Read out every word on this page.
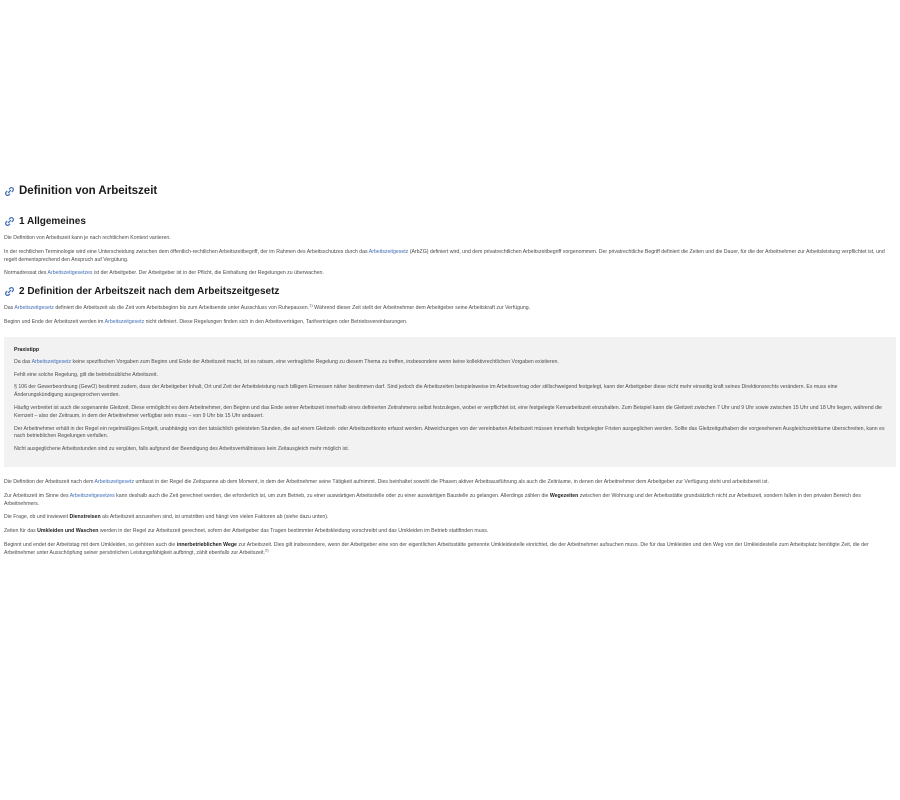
Definition von Arbeitszeit
1 Allgemeines

Die Definition von Arbeitszeit kann je nach rechtlichem Kontext variieren.

In der rechtlichen Terminologie wird eine Unterscheidung zwischen dem öffentlich-rechtlichen Arbeitszeitbegriff, der im Rahmen des Arbeitsschutzes durch das Arbeitszeitgesetz (ArbZG) definiert wird, und dem privatrechtlichen Arbeitszeitbegriff vorgenommen. Der privatrechtliche Begriff definiert die Zeiten und die Dauer, für die der Arbeitnehmer zur Arbeitsleistung verpflichtet ist, und regelt dementsprechend den Anspruch auf Vergütung.

Normadressat des Arbeitszeitgesetzes ist der Arbeitgeber. Der Arbeitgeber ist in der Pflicht, die Einhaltung der Regelungen zu überwachen.

2 Definition der Arbeitszeit nach dem Arbeitszeitgesetz

Das Arbeitszeitgesetz definiert die Arbeitszeit als die Zeit vom Arbeitsbeginn bis zum Arbeitsende unter Ausschluss von Ruhepausen.$^{1)}$ Während dieser Zeit stellt der Arbeitnehmer dem Arbeitgeber seine Arbeitskraft zur Verfügung.

Beginn und Ende der Arbeitszeit werden im Arbeitszeitgesetz nicht definiert. Diese Regelungen finden sich in den Arbeitsverträgen, Tarifverträgen oder Betriebsvereinbarungen.

Praxistipp

Da das Arbeitszeitgesetz keine spezifischen Vorgaben zum Beginn und Ende der Arbeitszeit macht, ist es ratsam, eine vertragliche Regelung zu diesem Thema zu treffen, insbesondere wenn keine kollektivrechtlichen Vorgaben existieren.

Fehlt eine solche Regelung, gilt die betriebsübliche Arbeitszeit.

§ 106 der Gewerbeordnung (GewO) bestimmt zudem, dass der Arbeitgeber Inhalt, Ort und Zeit der Arbeitsleistung nach billigem Ermessen näher bestimmen darf. Sind jedoch die Arbeitszeiten beispielsweise im Arbeitsvertrag oder stillschweigend festgelegt, kann der Arbeitgeber diese nicht mehr einseitig kraft seines Direktionsrechts verändern. Es muss eine Änderungskündigung ausgesprochen werden.

Häufig verbreitet ist auch die sogenannte Gleitzeit. Diese ermöglicht es dem Arbeitnehmer, den Beginn und das Ende seiner Arbeitszeit innerhalb eines definierten Zeitrahmens selbst festzulegen, wobei er verpflichtet ist, eine festgelegte Kernarbeitszeit einzuhalten. Zum Beispiel kann die Gleitzeit zwischen 7 Uhr und 9 Uhr sowie zwischen 15 Uhr und 18 Uhr liegen, während die Kernzeit – also der Zeitraum, in dem der Arbeitnehmer verfügbar sein muss – von 9 Uhr bis 15 Uhr andauert.

Der Arbeitnehmer erhält in der Regel ein regelmäßiges Entgelt, unabhängig von den tatsächlich geleisteten Stunden, die auf einem Gleitzeit- oder Arbeitszeitkonto erfasst werden. Abweichungen von der vereinbarten Arbeitszeit müssen innerhalb festgelegter Fristen ausgeglichen werden. Sollte das Gleitzeitguthaben die vorgesehenen Ausgleichszeiträume überschreiten, kann es nach betrieblichen Regelungen verfallen.

Nicht ausgeglichene Arbeitsstunden sind zu vergüten, falls aufgrund der Beendigung des Arbeitsverhältnisses kein Zeitausgleich mehr möglich ist.

Die Definition der Arbeitszeit nach dem Arbeitszeitgesetz umfasst in der Regel die Zeitspanne ab dem Moment, in dem der Arbeitnehmer seine Tätigkeit aufnimmt. Dies beinhaltet sowohl die Phasen aktiver Arbeitsausführung als auch die Zeiträume, in denen der Arbeitnehmer dem Arbeitgeber zur Verfügung steht und arbeitsbereit ist.

Zur Arbeitszeit im Sinne des Arbeitszeitgesetzes kann deshalb auch die Zeit gerechnet werden, die erforderlich ist, um zum Betrieb, zu einer auswärtigen Arbeitsstelle oder zu einer auswärtigen Baustelle zu gelangen. Allerdings zählen die Wegezeiten zwischen der Wohnung und der Arbeitsstätte grundsätzlich nicht zur Arbeitszeit, sondern fallen in den privaten Bereich des Arbeitnehmers.

Die Frage, ob und inwieweit Dienstreisen als Arbeitszeit anzusehen sind, ist umstritten und hängt von vielen Faktoren ab (siehe dazu unten).

Zeiten für das Umkleiden und Waschen werden in der Regel zur Arbeitszeit gerechnet, sofern der Arbeitgeber das Tragen bestimmter Arbeitskleidung vorschreibt und das Umkleiden im Betrieb stattfinden muss.

Beginnt und endet der Arbeitstag mit dem Umkleiden, so gehören auch die innerbetrieblichen Wege zur Arbeitszeit. Dies gilt insbesondere, wenn der Arbeitgeber eine von der eigentlichen Arbeitsstätte getrennte Umkleidestelle einrichtet, die der Arbeitnehmer aufsuchen muss. Die für das Umkleiden und den Weg von der Umkleidestelle zum Arbeitsplatz benötigte Zeit, die der Arbeitnehmer unter Ausschöpfung seiner persönlichen Leistungsfähigkeit aufbringt, zählt ebenfalls zur Arbeitszeit.$^{2)}$
